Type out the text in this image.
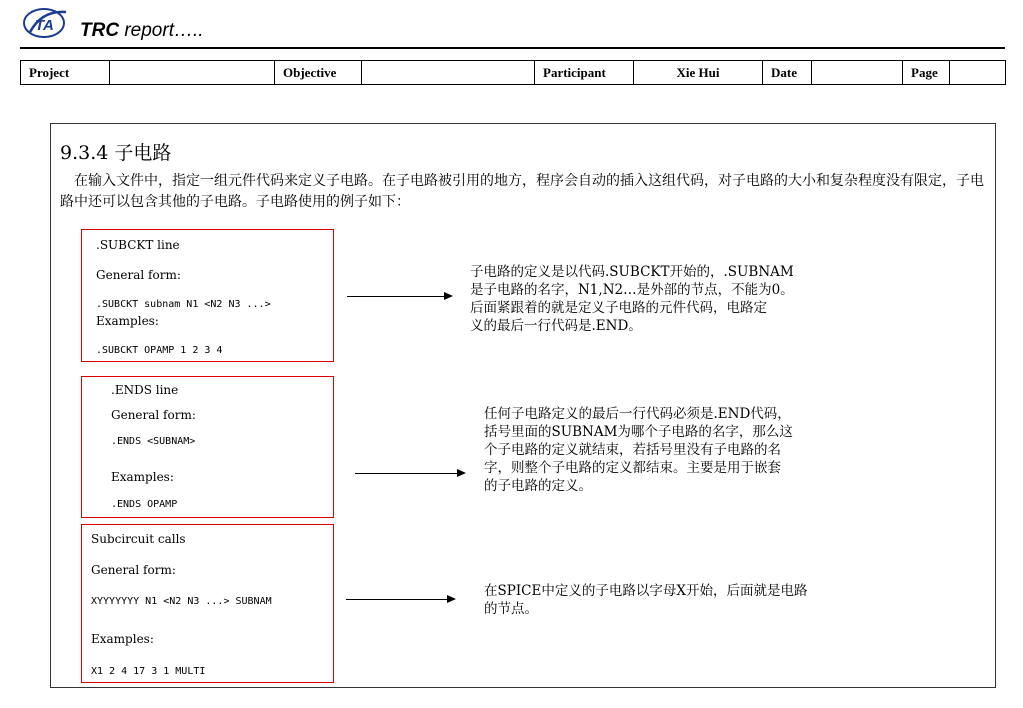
TA TRC report…..
Project		Objective		Participant	Xie Hui	Date		Page	
9.3.4 子电路
在输入文件中，指定一组元件代码来定义子电路。在子电路被引用的地方，程序会自动的插入这组代码，对子电路的大小和复杂程度没有限定，子电路中还可以包含其他的子电路。子电路使用的例子如下：
.SUBCKT line
General form:
.SUBCKT subnam N1 <N2 N3 ...>
Examples:
.SUBCKT OPAMP 1 2 3 4
子电路的定义是以代码.SUBCKT开始的，.SUBNAM
是子电路的名字，N1,N2…是外部的节点，不能为0。
后面紧跟着的就是定义子电路的元件代码，电路定
义的最后一行代码是.END。
.ENDS line
General form:
.ENDS <SUBNAM>
Examples:
.ENDS OPAMP
任何子电路定义的最后一行代码必须是.END代码，
括号里面的SUBNAM为哪个子电路的名字，那么这
个子电路的定义就结束，若括号里没有子电路的名
字，则整个子电路的定义都结束。主要是用于嵌套
的子电路的定义。
Subcircuit calls
General form:
XYYYYYYY N1 <N2 N3 ...> SUBNAM
Examples:
X1 2 4 17 3 1 MULTI
在SPICE中定义的子电路以字母X开始，后面就是电路
的节点。
